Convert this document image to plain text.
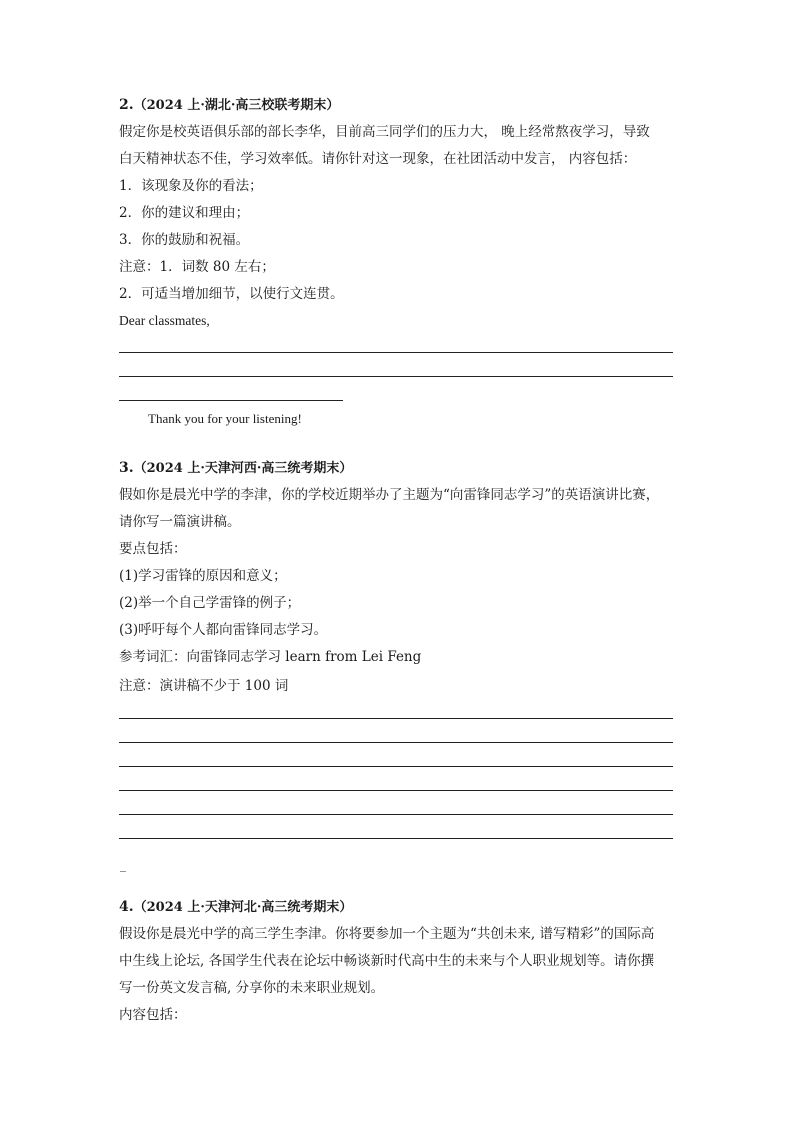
2.（2024 上·湖北·高三校联考期末）
假定你是校英语俱乐部的部长李华，目前高三同学们的压力大， 晚上经常熬夜学习，导致
白天精神状态不佳，学习效率低。请你针对这一现象，在社团活动中发言， 内容包括：
1．该现象及你的看法；
2．你的建议和理由；
3．你的鼓励和祝福。
注意：1．词数 80 左右；
2．可适当增加细节，以使行文连贯。
Dear classmates,
Thank you for your listening!
3.（2024 上·天津河西·高三统考期末）
假如你是晨光中学的李津，你的学校近期举办了主题为“向雷锋同志学习”的英语演讲比赛，
请你写一篇演讲稿。
要点包括：
(1)学习雷锋的原因和意义；
(2)举一个自己学雷锋的例子；
(3)呼吁每个人都向雷锋同志学习。
参考词汇：向雷锋同志学习 learn from Lei Feng
注意：演讲稿不少于 100 词
_
4.（2024 上·天津河北·高三统考期末）
假设你是晨光中学的高三学生李津。你将要参加一个主题为“共创未来, 谱写精彩”的国际高
中生线上论坛, 各国学生代表在论坛中畅谈新时代高中生的未来与个人职业规划等。请你撰
写一份英文发言稿, 分享你的未来职业规划。
内容包括：
